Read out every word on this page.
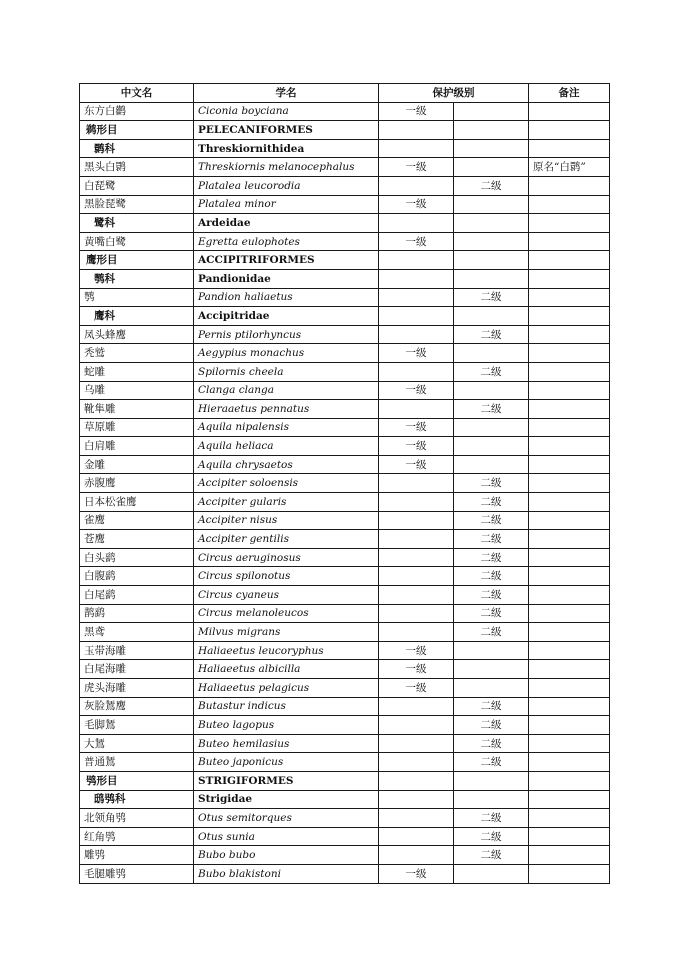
中文名	学名	保护级别		备注
东方白鹳	Ciconia boyciana	一级		
鹈形目	PELECANIFORMES			
鹮科	Threskiornithidea			
黑头白鹮	Threskiornis melanocephalus	一级		原名“白鹮”
白琵鹭	Platalea leucorodia		二级	
黑脸琵鹭	Platalea minor	一级		
鹭科	Ardeidae			
黄嘴白鹭	Egretta eulophotes	一级		
鹰形目	ACCIPITRIFORMES			
鹗科	Pandionidae			
鹗	Pandion haliaetus		二级	
鹰科	Accipitridae			
凤头蜂鹰	Pernis ptilorhyncus		二级	
秃鹫	Aegypius monachus	一级		
蛇雕	Spilornis cheela		二级	
乌雕	Clanga clanga	一级		
靴隼雕	Hieraaetus pennatus		二级	
草原雕	Aquila nipalensis	一级		
白肩雕	Aquila heliaca	一级		
金雕	Aquila chrysaetos	一级		
赤腹鹰	Accipiter soloensis		二级	
日本松雀鹰	Accipiter gularis		二级	
雀鹰	Accipiter nisus		二级	
苍鹰	Accipiter gentilis		二级	
白头鹞	Circus aeruginosus		二级	
白腹鹞	Circus spilonotus		二级	
白尾鹞	Circus cyaneus		二级	
鹊鹞	Circus melanoleucos		二级	
黑鸢	Milvus migrans		二级	
玉带海雕	Haliaeetus leucoryphus	一级		
白尾海雕	Haliaeetus albicilla	一级		
虎头海雕	Haliaeetus pelagicus	一级		
灰脸鵟鹰	Butastur indicus		二级	
毛脚鵟	Buteo lagopus		二级	
大鵟	Buteo hemilasius		二级	
普通鵟	Buteo japonicus		二级	
鸮形目	STRIGIFORMES			
鸱鸮科	Strigidae			
北领角鸮	Otus semitorques		二级	
红角鸮	Otus sunia		二级	
雕鸮	Bubo bubo		二级	
毛腿雕鸮	Bubo blakistoni	一级		
